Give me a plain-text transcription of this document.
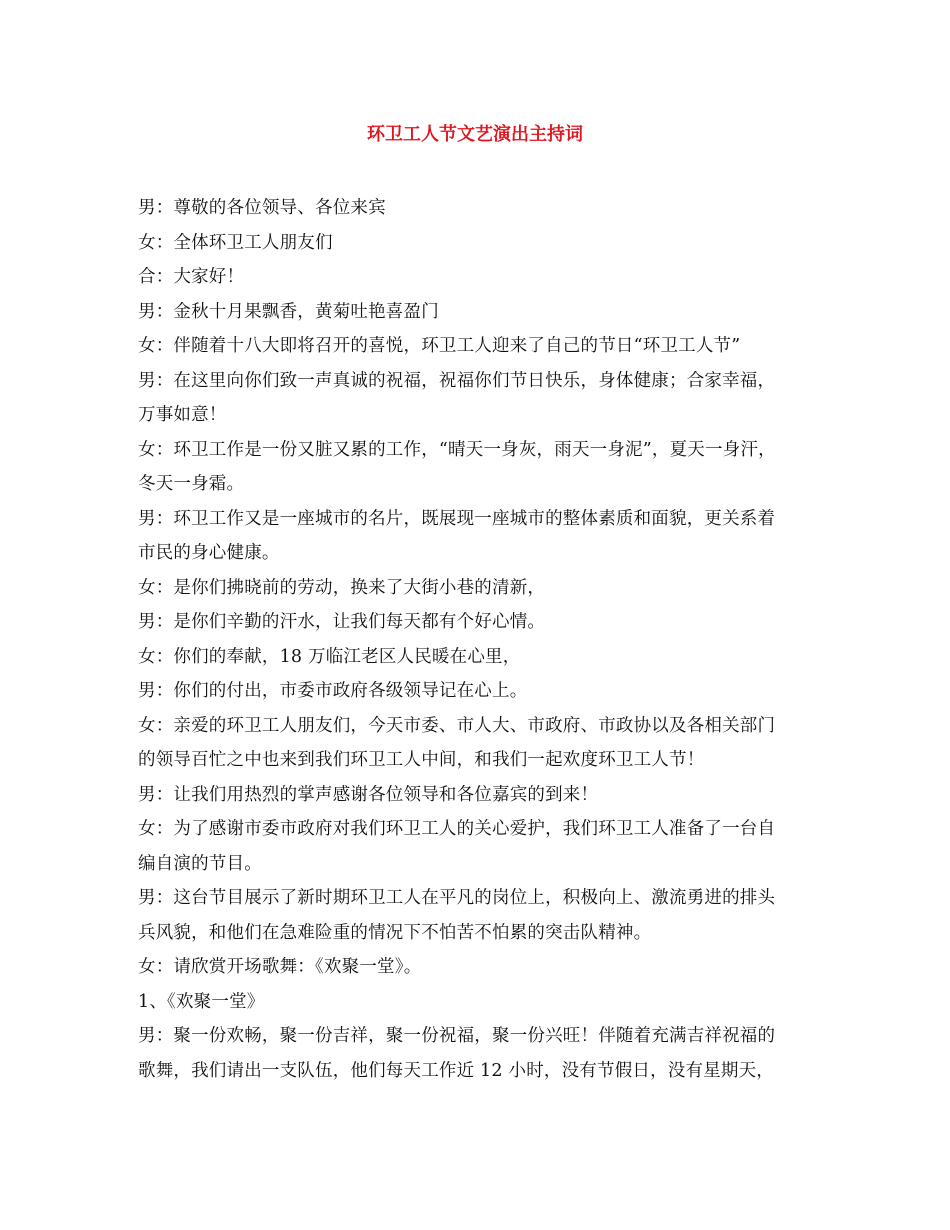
环卫工人节文艺演出主持词
男：尊敬的各位领导、各位来宾
女：全体环卫工人朋友们
合：大家好！
男：金秋十月果飘香，黄菊吐艳喜盈门
女：伴随着十八大即将召开的喜悦，环卫工人迎来了自己的节日“环卫工人节”
男：在这里向你们致一声真诚的祝福，祝福你们节日快乐，身体健康；合家幸福，
万事如意！
女：环卫工作是一份又脏又累的工作，“晴天一身灰，雨天一身泥”，夏天一身汗，
冬天一身霜。
男：环卫工作又是一座城市的名片，既展现一座城市的整体素质和面貌，更关系着
市民的身心健康。
女：是你们拂晓前的劳动，换来了大街小巷的清新，
男：是你们辛勤的汗水，让我们每天都有个好心情。
女：你们的奉献，18 万临江老区人民暖在心里，
男：你们的付出，市委市政府各级领导记在心上。
女：亲爱的环卫工人朋友们，今天市委、市人大、市政府、市政协以及各相关部门
的领导百忙之中也来到我们环卫工人中间，和我们一起欢度环卫工人节！
男：让我们用热烈的掌声感谢各位领导和各位嘉宾的到来！
女：为了感谢市委市政府对我们环卫工人的关心爱护，我们环卫工人准备了一台自
编自演的节目。
男：这台节目展示了新时期环卫工人在平凡的岗位上，积极向上、激流勇进的排头
兵风貌，和他们在急难险重的情况下不怕苦不怕累的突击队精神。
女：请欣赏开场歌舞：《欢聚一堂》。
1、《欢聚一堂》
男：聚一份欢畅，聚一份吉祥，聚一份祝福，聚一份兴旺！伴随着充满吉祥祝福的
歌舞，我们请出一支队伍，他们每天工作近 12 小时，没有节假日，没有星期天，
